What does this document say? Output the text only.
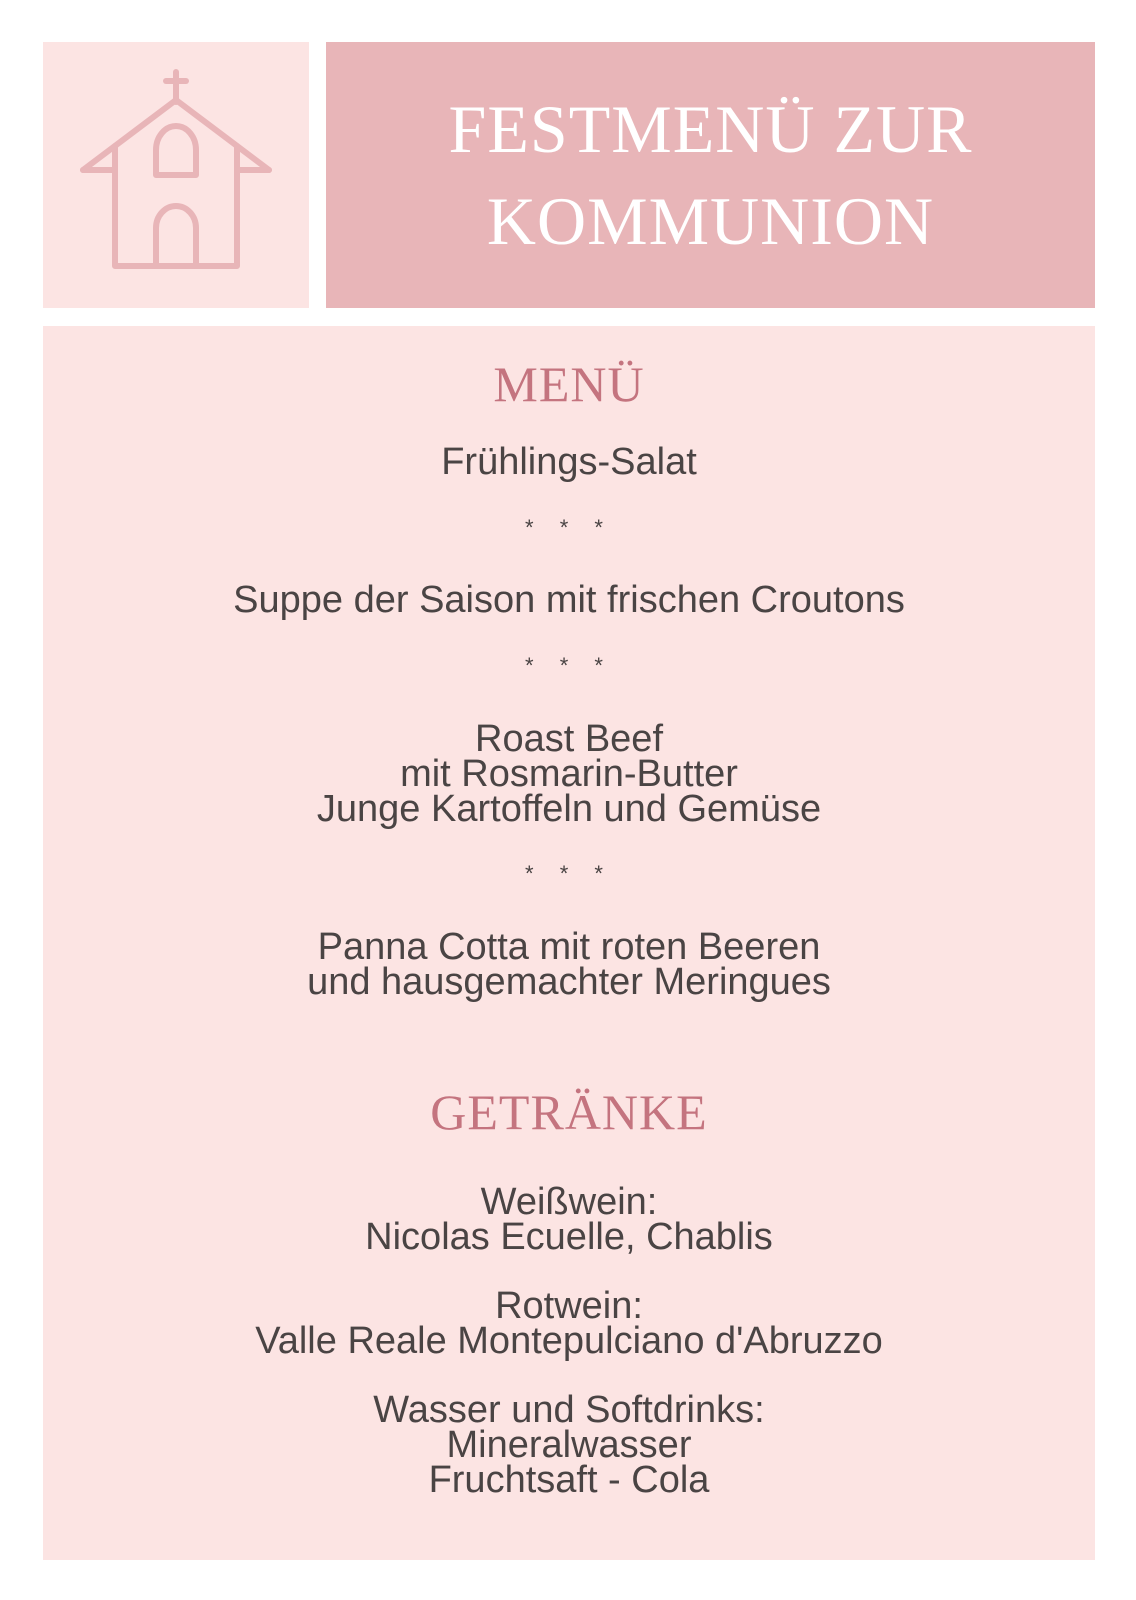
FESTMENÜ ZUR
KOMMUNION
MENÜ
Frühlings-Salat
* * *
Suppe der Saison mit frischen Croutons
* * *
Roast Beef
mit Rosmarin-Butter
Junge Kartoffeln und Gemüse
* * *
Panna Cotta mit roten Beeren
und hausgemachter Meringues
GETRÄNKE
Weißwein:
Nicolas Ecuelle, Chablis
Rotwein:
Valle Reale Montepulciano d'Abruzzo
Wasser und Softdrinks:
Mineralwasser
Fruchtsaft - Cola
